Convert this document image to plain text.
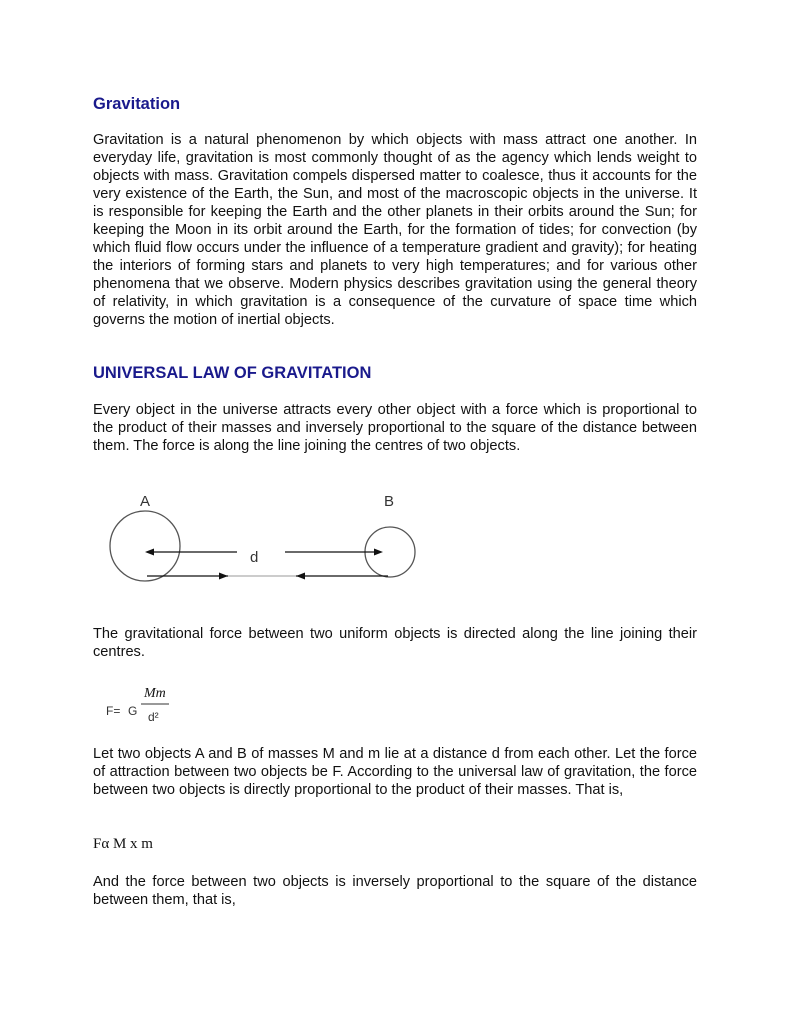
Gravitation

Gravitation is a natural phenomenon by which objects with mass attract one another. In everyday life, gravitation is most commonly thought of as the agency which lends weight to objects with mass. Gravitation compels dispersed matter to coalesce, thus it accounts for the very existence of the Earth, the Sun, and most of the macroscopic objects in the universe. It is responsible for keeping the Earth and the other planets in their orbits around the Sun; for keeping the Moon in its orbit around the Earth, for the formation of tides; for convection (by which fluid flow occurs under the influence of a temperature gradient and gravity); for heating the interiors of forming stars and planets to very high temperatures; and for various other phenomena that we observe. Modern physics describes gravitation using the general theory of relativity, in which gravitation is a consequence of the curvature of space time which governs the motion of inertial objects.

UNIVERSAL LAW OF GRAVITATION

Every object in the universe attracts every other object with a force which is proportional to the product of their masses and inversely proportional to the square of the distance between them. The force is along the line joining the centres of two objects.

A	B
d

The gravitational force between two uniform objects is directed along the line joining their centres.

F= G
Mm
d²

Let two objects A and B of masses M and m lie at a distance d from each other. Let the force of attraction between two objects be F. According to the universal law of gravitation, the force between two objects is directly proportional to the product of their masses. That is,

Fα M x m

And the force between two objects is inversely proportional to the square of the distance between them, that is,
